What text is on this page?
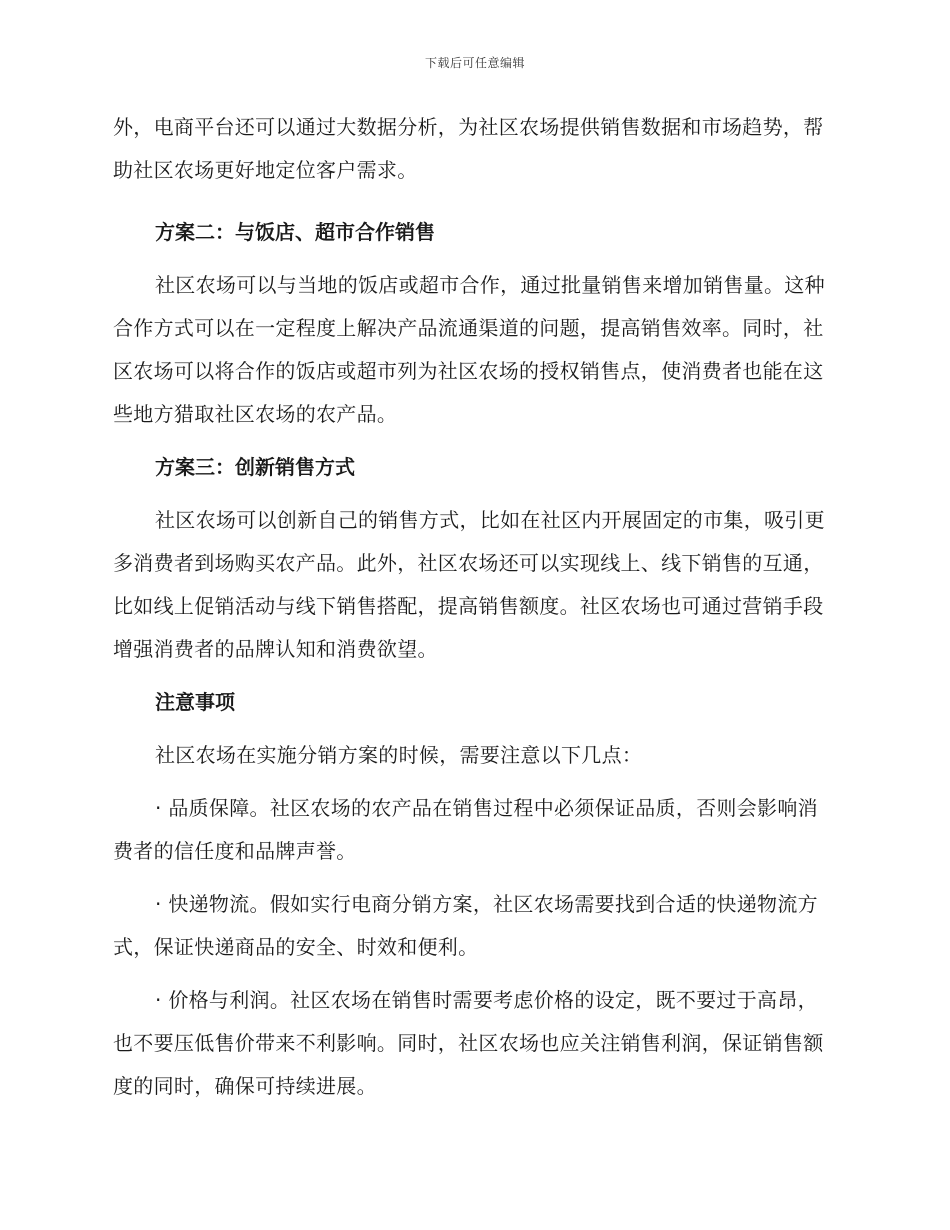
下载后可任意编辑

外，电商平台还可以通过大数据分析，为社区农场提供销售数据和市场趋势，帮助社区农场更好地定位客户需求。

方案二：与饭店、超市合作销售

社区农场可以与当地的饭店或超市合作，通过批量销售来增加销售量。这种合作方式可以在一定程度上解决产品流通渠道的问题，提高销售效率。同时，社区农场可以将合作的饭店或超市列为社区农场的授权销售点，使消费者也能在这些地方猎取社区农场的农产品。

方案三：创新销售方式

社区农场可以创新自己的销售方式，比如在社区内开展固定的市集，吸引更多消费者到场购买农产品。此外，社区农场还可以实现线上、线下销售的互通，比如线上促销活动与线下销售搭配，提高销售额度。社区农场也可通过营销手段增强消费者的品牌认知和消费欲望。

注意事项

社区农场在实施分销方案的时候，需要注意以下几点：

· 品质保障。社区农场的农产品在销售过程中必须保证品质，否则会影响消费者的信任度和品牌声誉。

· 快递物流。假如实行电商分销方案，社区农场需要找到合适的快递物流方式，保证快递商品的安全、时效和便利。

· 价格与利润。社区农场在销售时需要考虑价格的设定，既不要过于高昂，也不要压低售价带来不利影响。同时，社区农场也应关注销售利润，保证销售额度的同时，确保可持续进展。
